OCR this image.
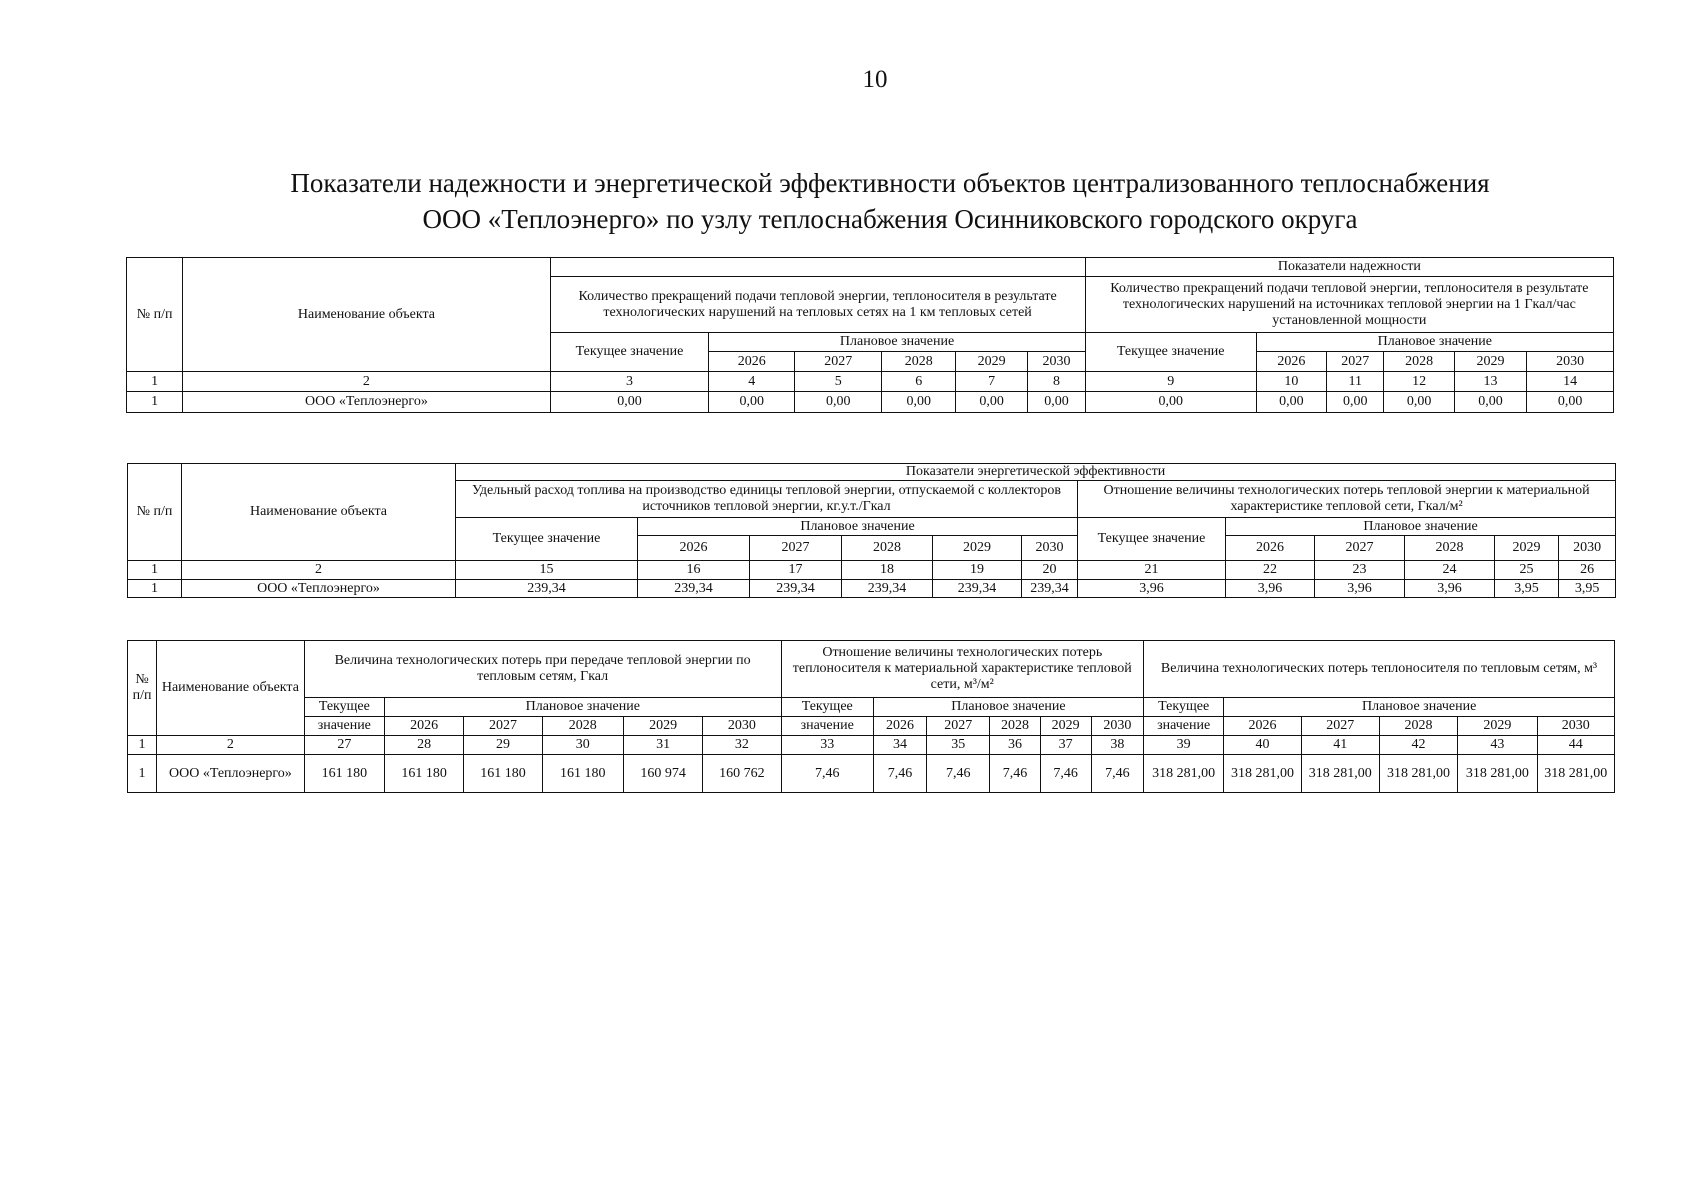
10
Показатели надежности и энергетической эффективности объектов централизованного теплоснабжения
ООО «Теплоэнерго» по узлу теплоснабжения Осинниковского городского округа
№ п/п	Наименование объекта							Показатели надежности					
		Количество прекращений подачи тепловой энергии, теплоносителя в результате технологических нарушений на тепловых сетях на 1 км тепловых сетей						Количество прекращений подачи тепловой энергии, теплоносителя в результате технологических нарушений на источниках тепловой энергии на 1 Гкал/час установленной мощности					
		Текущее значение	Плановое значение					Текущее значение	Плановое значение				
			2026	2027	2028	2029	2030		2026	2027	2028	2029	2030
1	2	3	4	5	6	7	8	9	10	11	12	13	14
1	ООО «Теплоэнерго»	0,00	0,00	0,00	0,00	0,00	0,00	0,00	0,00	0,00	0,00	0,00	0,00
№ п/п	Наименование объекта	Показатели энергетической эффективности											
		Удельный расход топлива на производство единицы тепловой энергии, отпускаемой с коллекторов источников тепловой энергии, кг.у.т./Гкал						Отношение величины технологических потерь тепловой энергии к материальной характеристике тепловой сети, Гкал/м²					
		Текущее значение	Плановое значение					Текущее значение	Плановое значение				
			2026	2027	2028	2029	2030		2026	2027	2028	2029	2030
1	2	15	16	17	18	19	20	21	22	23	24	25	26
1	ООО «Теплоэнерго»	239,34	239,34	239,34	239,34	239,34	239,34	3,96	3,96	3,96	3,96	3,95	3,95
№ п/п	Наименование объекта	Величина технологических потерь при передаче тепловой энергии по тепловым сетям, Гкал						Отношение величины технологических потерь теплоносителя к материальной характеристике тепловой сети, м³/м²						Величина технологических потерь теплоносителя по тепловым сетям, м³					
		Текущее	Плановое значение					Текущее	Плановое значение					Текущее	Плановое значение				
		значение	2026	2027	2028	2029	2030	значение	2026	2027	2028	2029	2030	значение	2026	2027	2028	2029	2030
1	2	27	28	29	30	31	32	33	34	35	36	37	38	39	40	41	42	43	44
1	ООО «Теплоэнерго»	161 180	161 180	161 180	161 180	160 974	160 762	7,46	7,46	7,46	7,46	7,46	7,46	318 281,00	318 281,00	318 281,00	318 281,00	318 281,00	318 281,00
